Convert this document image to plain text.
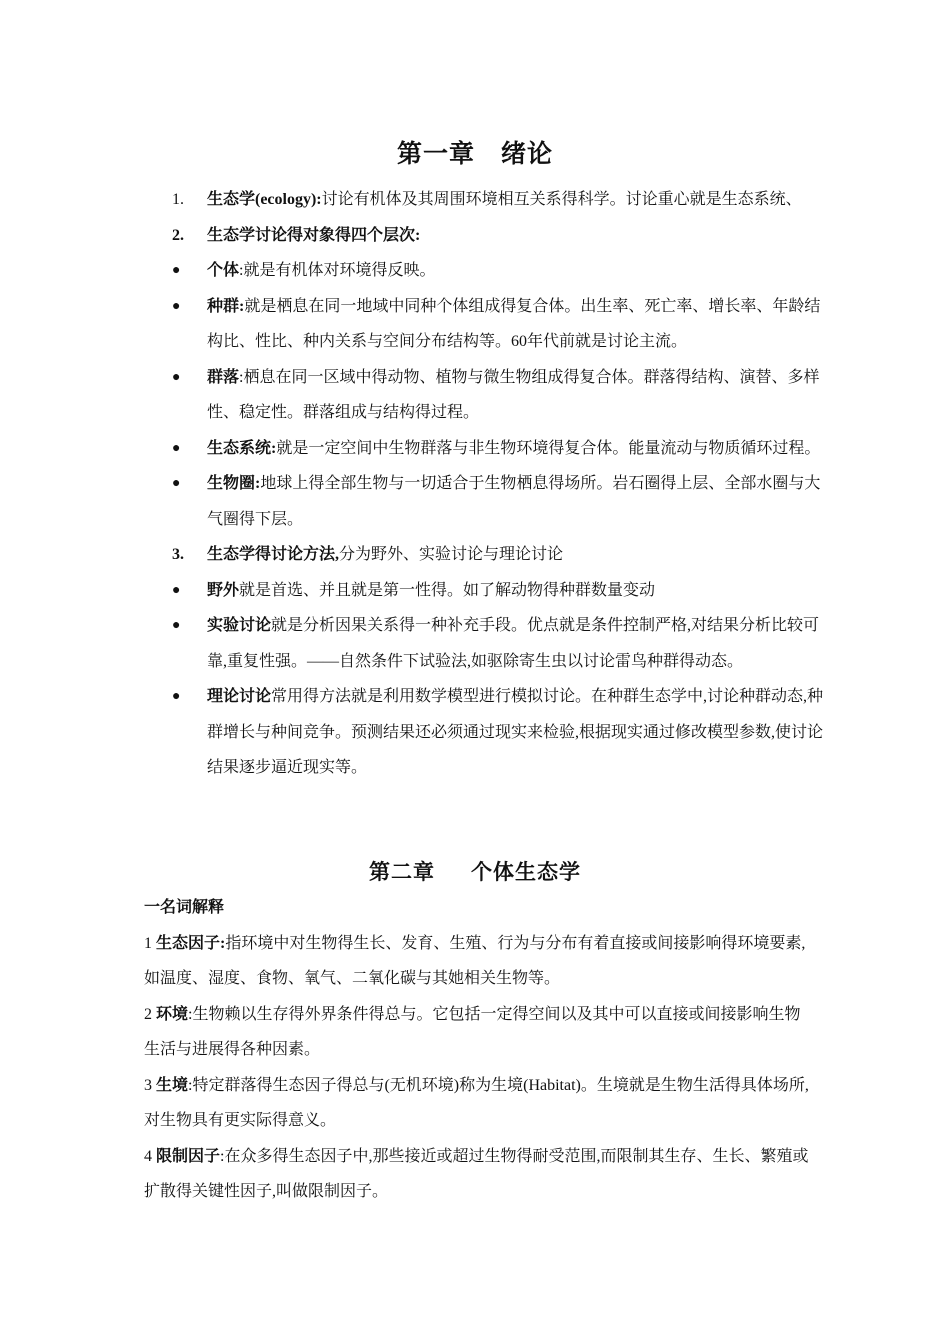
第一章 绪论
1. 生态学(ecology):讨论有机体及其周围环境相互关系得科学。讨论重心就是生态系统、
2. 生态学讨论得对象得四个层次:
● 个体:就是有机体对环境得反映。
● 种群:就是栖息在同一地域中同种个体组成得复合体。出生率、死亡率、增长率、年龄结构比、性比、种内关系与空间分布结构等。60年代前就是讨论主流。
● 群落:栖息在同一区域中得动物、植物与微生物组成得复合体。群落得结构、演替、多样性、稳定性。群落组成与结构得过程。
● 生态系统:就是一定空间中生物群落与非生物环境得复合体。能量流动与物质循环过程。
● 生物圈:地球上得全部生物与一切适合于生物栖息得场所。岩石圈得上层、全部水圈与大气圈得下层。
3. 生态学得讨论方法,分为野外、实验讨论与理论讨论
● 野外就是首选、并且就是第一性得。如了解动物得种群数量变动
● 实验讨论就是分析因果关系得一种补充手段。优点就是条件控制严格,对结果分析比较可靠,重复性强。——自然条件下试验法,如驱除寄生虫以讨论雷鸟种群得动态。
● 理论讨论常用得方法就是利用数学模型进行模拟讨论。在种群生态学中,讨论种群动态,种群增长与种间竞争。预测结果还必须通过现实来检验,根据现实通过修改模型参数,使讨论结果逐步逼近现实等。
第二章 个体生态学
一名词解释
1 生态因子:指环境中对生物得生长、发育、生殖、行为与分布有着直接或间接影响得环境要素,如温度、湿度、食物、氧气、二氧化碳与其她相关生物等。
2 环境:生物赖以生存得外界条件得总与。它包括一定得空间以及其中可以直接或间接影响生物生活与进展得各种因素。
3 生境:特定群落得生态因子得总与(无机环境)称为生境(Habitat)。生境就是生物生活得具体场所,对生物具有更实际得意义。
4 限制因子:在众多得生态因子中,那些接近或超过生物得耐受范围,而限制其生存、生长、繁殖或扩散得关键性因子,叫做限制因子。
